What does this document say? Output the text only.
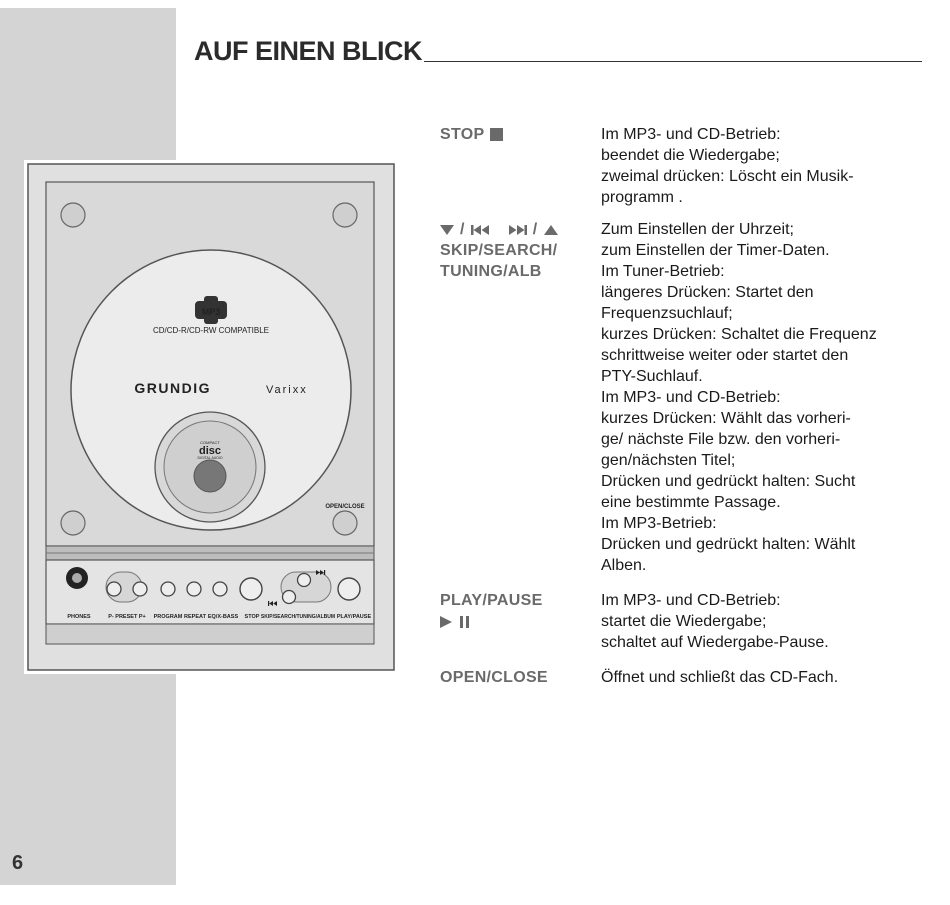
6
AUF EINEN BLICK
MP3
CD/CD-R/CD-RW COMPATIBLE
GRUNDIG	Varixx
COMPACT
disc
DIGITAL AUDIO
OPEN/CLOSE
PHONES	P- PRESET P+ PROGRAM REPEAT EQ/X-BASS STOP SKIP/SEARCH/TUNING/ALBUM PLAY/PAUSE
STOP	Im MP3- und CD-Betrieb:
beendet die Wiedergabe;
zweimal drücken: Löscht ein Musik-
programm .
/	/
SKIP/SEARCH/
TUNING/ALB
Zum Einstellen der Uhrzeit;
zum Einstellen der Timer-Daten.
Im Tuner-Betrieb:
längeres Drücken: Startet den
Frequenzsuchlauf;
kurzes Drücken: Schaltet die Frequenz
schrittweise weiter oder startet den
PTY-Suchlauf.
Im MP3- und CD-Betrieb:
kurzes Drücken: Wählt das vorheri-
ge/ nächste File bzw. den vorheri-
gen/nächsten Titel;
Drücken und gedrückt halten: Sucht
eine bestimmte Passage.
Im MP3-Betrieb:
Drücken und gedrückt halten: Wählt
Alben.
PLAY/PAUSE	Im MP3- und CD-Betrieb:
startet die Wiedergabe;
schaltet auf Wiedergabe-Pause.
OPEN/CLOSE	Öffnet und schließt das CD-Fach.
